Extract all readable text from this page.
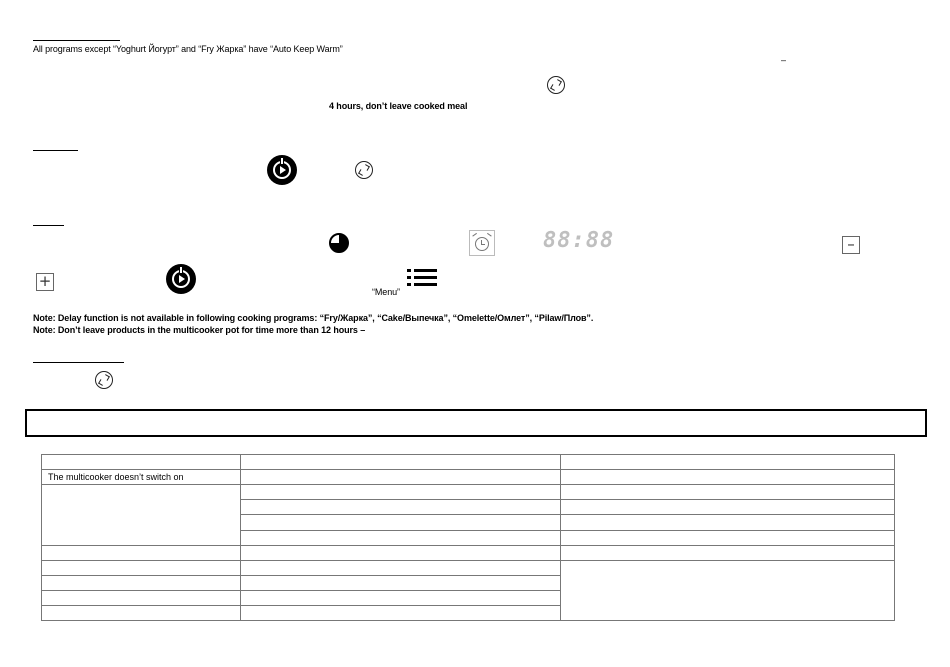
All programs except “Yoghurt Йогурт” and “Fry Жарка” have “Auto Keep Warm”
–
4 hours, don’t leave cooked meal
88:88	–
+
“Menu”
Note: Delay function is not available in following cooking programs: “Fry/Жарка”, “Cake/Выпечка”, “Omelette/Омлет”, “Pilaw/Плов”.
Note: Don’t leave products in the multicooker pot for time more than 12 hours –

The multicooker doesn’t switch on		
